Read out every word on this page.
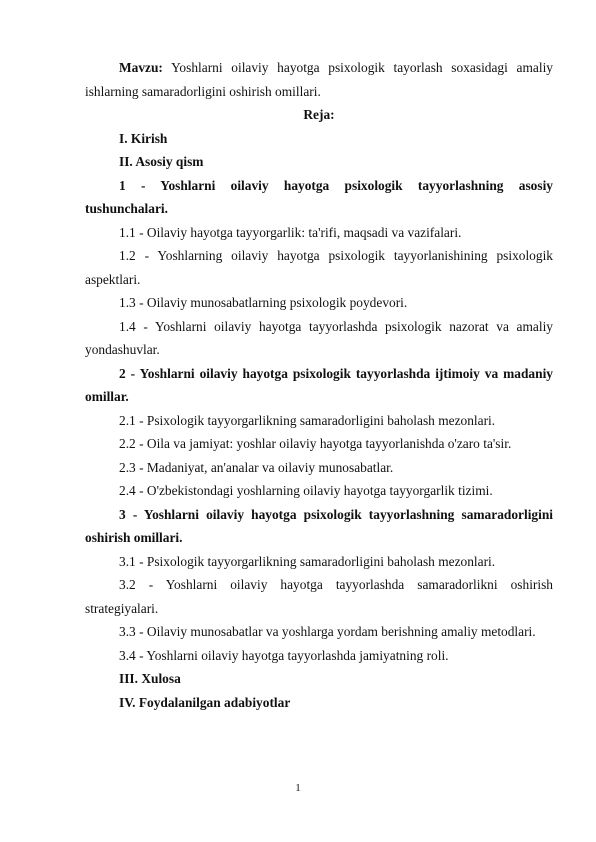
Mavzu: Yoshlarni oilaviy hayotga psixologik tayorlash soxasidagi amaliy ishlarning samaradorligini oshirish omillari.

Reja:

I. Kirish

II. Asosiy qism

1 - Yoshlarni oilaviy hayotga psixologik tayyorlashning asosiy tushunchalari.

1.1 - Oilaviy hayotga tayyorgarlik: ta'rifi, maqsadi va vazifalari.

1.2 - Yoshlarning oilaviy hayotga psixologik tayyorlanishining psixologik aspektlari.

1.3 - Oilaviy munosabatlarning psixologik poydevori.

1.4 - Yoshlarni oilaviy hayotga tayyorlashda psixologik nazorat va amaliy yondashuvlar.

2 - Yoshlarni oilaviy hayotga psixologik tayyorlashda ijtimoiy va madaniy omillar.

2.1 - Psixologik tayyorgarlikning samaradorligini baholash mezonlari.

2.2 - Oila va jamiyat: yoshlar oilaviy hayotga tayyorlanishda o'zaro ta'sir.

2.3 - Madaniyat, an'analar va oilaviy munosabatlar.

2.4 - O'zbekistondagi yoshlarning oilaviy hayotga tayyorgarlik tizimi.

3 - Yoshlarni oilaviy hayotga psixologik tayyorlashning samaradorligini oshirish omillari.

3.1 - Psixologik tayyorgarlikning samaradorligini baholash mezonlari.

3.2 - Yoshlarni oilaviy hayotga tayyorlashda samaradorlikni oshirish strategiyalari.

3.3 - Oilaviy munosabatlar va yoshlarga yordam berishning amaliy metodlari.

3.4 - Yoshlarni oilaviy hayotga tayyorlashda jamiyatning roli.

III. Xulosa

IV. Foydalanilgan adabiyotlar

1
